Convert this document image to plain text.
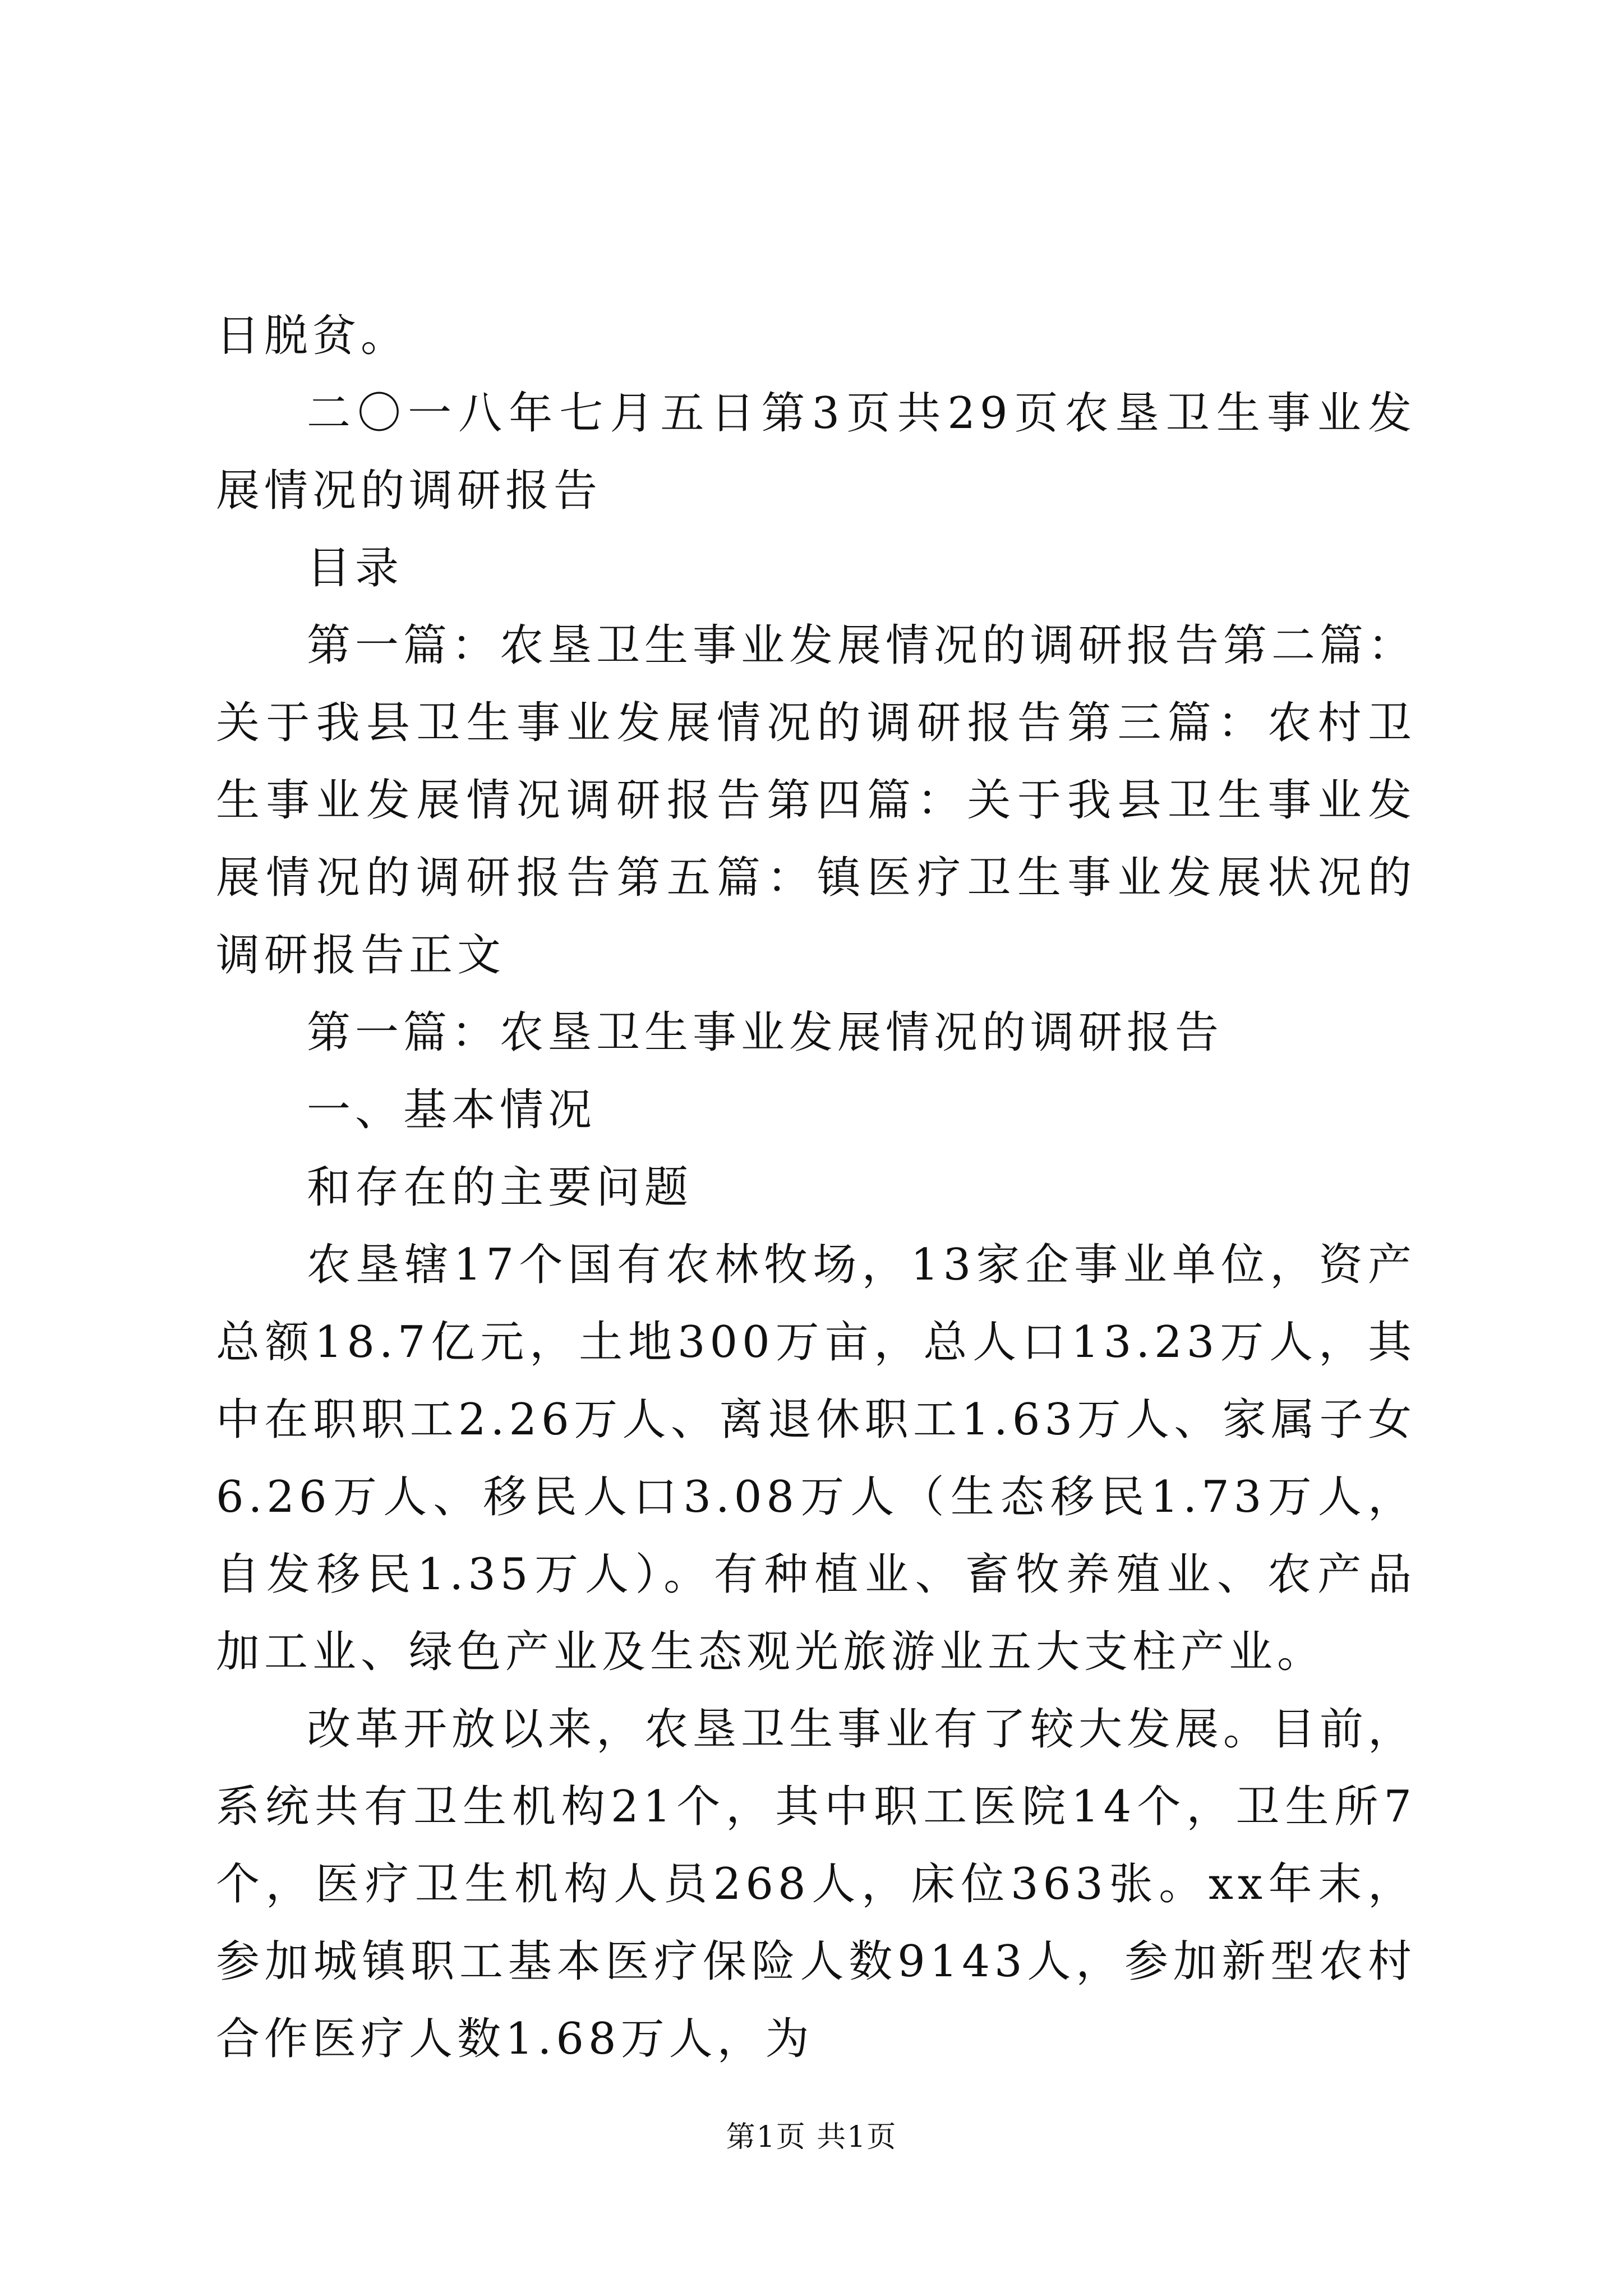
日脱贫。

二〇一八年七月五日第3页共29页农垦卫生事业发展情况的调研报告

目录

第一篇：农垦卫生事业发展情况的调研报告第二篇：关于我县卫生事业发展情况的调研报告第三篇：农村卫生事业发展情况调研报告第四篇：关于我县卫生事业发展情况的调研报告第五篇：镇医疗卫生事业发展状况的调研报告正文

第一篇：农垦卫生事业发展情况的调研报告

一、基本情况

和存在的主要问题

农垦辖17个国有农林牧场，13家企事业单位，资产总额18.7亿元，土地300万亩，总人口13.23万人，其中在职职工2.26万人、离退休职工1.63万人、家属子女6.26万人、移民人口3.08万人（生态移民1.73万人，自发移民1.35万人）。有种植业、畜牧养殖业、农产品加工业、绿色产业及生态观光旅游业五大支柱产业。

改革开放以来，农垦卫生事业有了较大发展。目前，系统共有卫生机构21个，其中职工医院14个，卫生所7个，医疗卫生机构人员268人，床位363张。xx年末，参加城镇职工基本医疗保险人数9143人，参加新型农村合作医疗人数1.68万人，为

第1页 共1页
